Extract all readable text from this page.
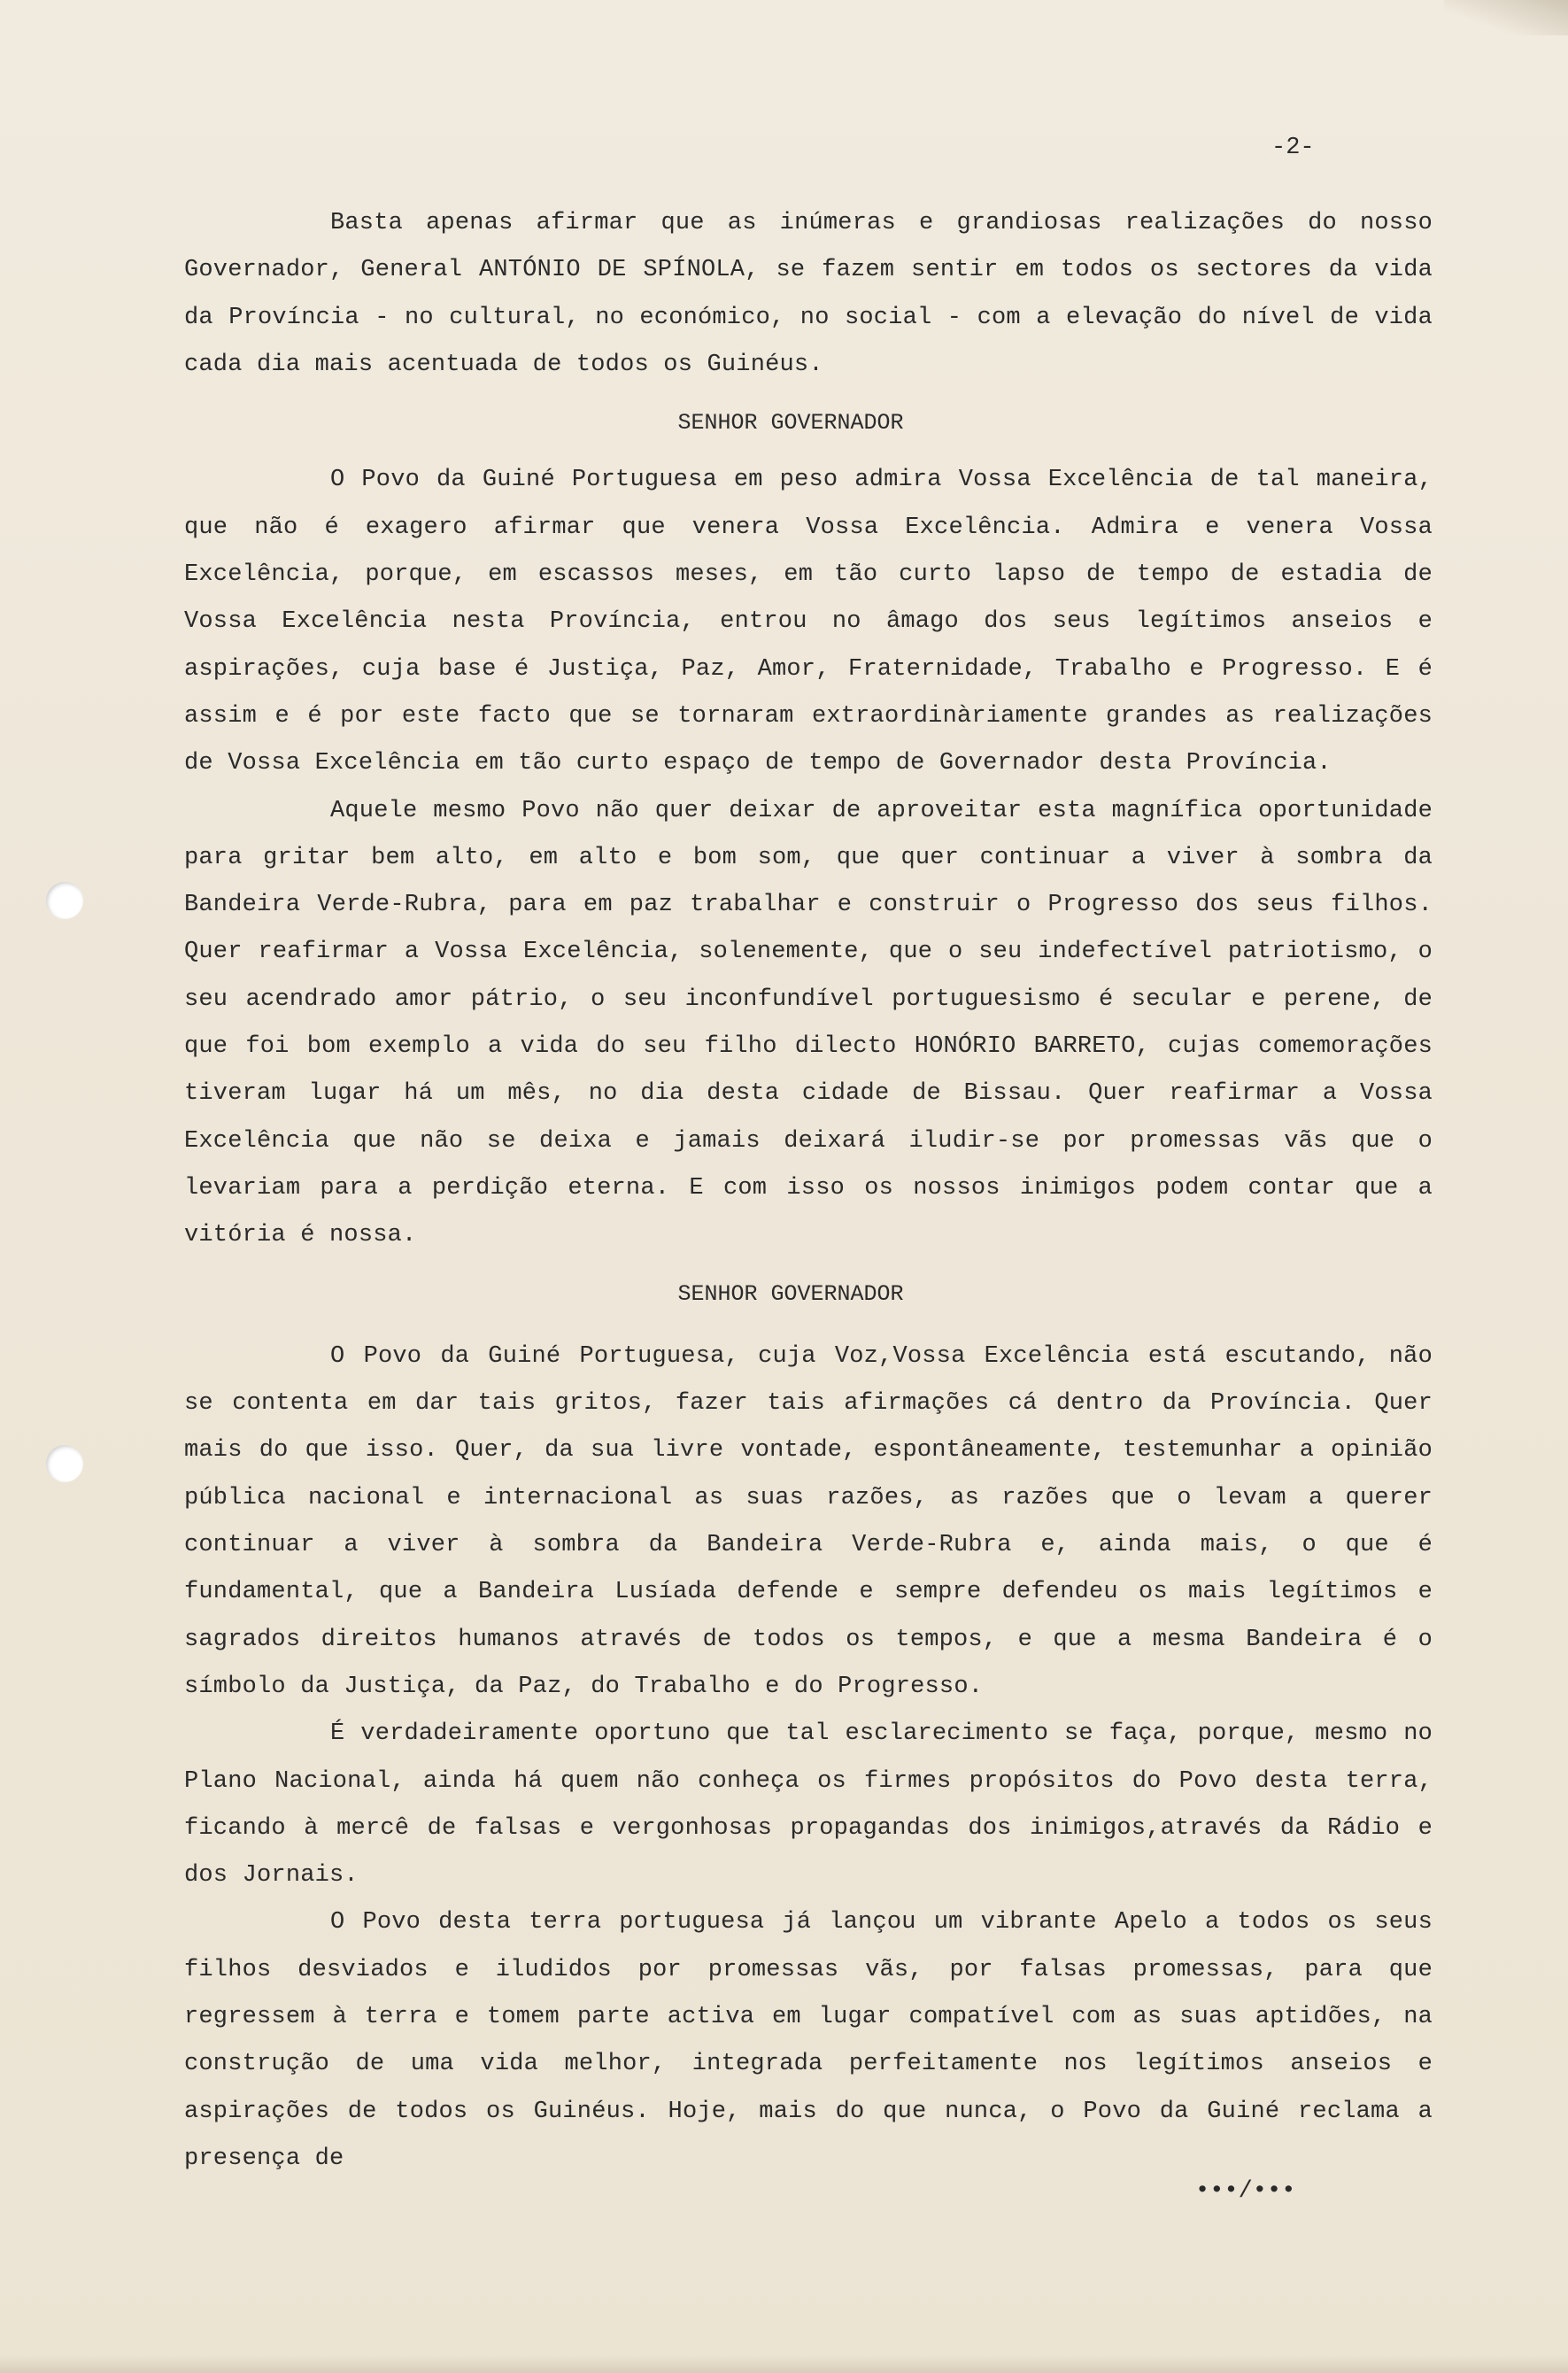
-2-

Basta apenas afirmar que as inúmeras e grandiosas realizações do nosso Governador, General ANTÓNIO DE SPÍNOLA, se fazem sentir em todos os sectores da vida da Província - no cultural, no económico, no social - com a elevação do nível de vida cada dia mais acentuada de todos os Guinéus.

SENHOR GOVERNADOR

O Povo da Guiné Portuguesa em peso admira Vossa Excelência de tal maneira, que não é exagero afirmar que venera Vossa Excelência. Admira e venera Vossa Excelência, porque, em escassos meses, em tão curto lapso de tempo de estadia de Vossa Excelência nesta Província, entrou no âmago dos seus legítimos anseios e aspirações, cuja base é Justiça, Paz, Amor, Fraternidade, Trabalho e Progresso. E é assim e é por este facto que se tornaram extraordinàriamente grandes as realizações de Vossa Excelência em tão curto espaço de tempo de Governador desta Província.

Aquele mesmo Povo não quer deixar de aproveitar esta magnífica oportunidade para gritar bem alto, em alto e bom som, que quer continuar a viver à sombra da Bandeira Verde-Rubra, para em paz trabalhar e construir o Progresso dos seus filhos. Quer reafirmar a Vossa Excelência, solenemente, que o seu indefectível patriotismo, o seu acendrado amor pátrio, o seu inconfundível portuguesismo é secular e perene, de que foi bom exemplo a vida do seu filho dilecto HONÓRIO BARRETO, cujas comemorações tiveram lugar há um mês, no dia desta cidade de Bissau. Quer reafirmar a Vossa Excelência que não se deixa e jamais deixará iludir-se por promessas vãs que o levariam para a perdição eterna. E com isso os nossos inimigos podem contar que a vitória é nossa.

SENHOR GOVERNADOR

O Povo da Guiné Portuguesa, cuja Voz,Vossa Excelência está escutando, não se contenta em dar tais gritos, fazer tais afirmações cá dentro da Província. Quer mais do que isso. Quer, da sua livre vontade, espontâneamente, testemunhar a opinião pública nacional e internacional as suas razões, as razões que o levam a querer continuar a viver à sombra da Bandeira Verde-Rubra e, ainda mais, o que é fundamental, que a Bandeira Lusíada defende e sempre defendeu os mais legítimos e sagrados direitos humanos através de todos os tempos, e que a mesma Bandeira é o símbolo da Justiça, da Paz, do Trabalho e do Progresso.

É verdadeiramente oportuno que tal esclarecimento se faça, porque, mesmo no Plano Nacional, ainda há quem não conheça os firmes propósitos do Povo desta terra, ficando à mercê de falsas e vergonhosas propagandas dos inimigos,através da Rádio e dos Jornais.

O Povo desta terra portuguesa já lançou um vibrante Apelo a todos os seus filhos desviados e iludidos por promessas vãs, por falsas promessas, para que regressem à terra e tomem parte activa em lugar compatível com as suas aptidões, na construção de uma vida melhor, integrada perfeitamente nos legítimos anseios e aspirações de todos os Guinéus. Hoje, mais do que nunca, o Povo da Guiné reclama a presença de

•••/•••
